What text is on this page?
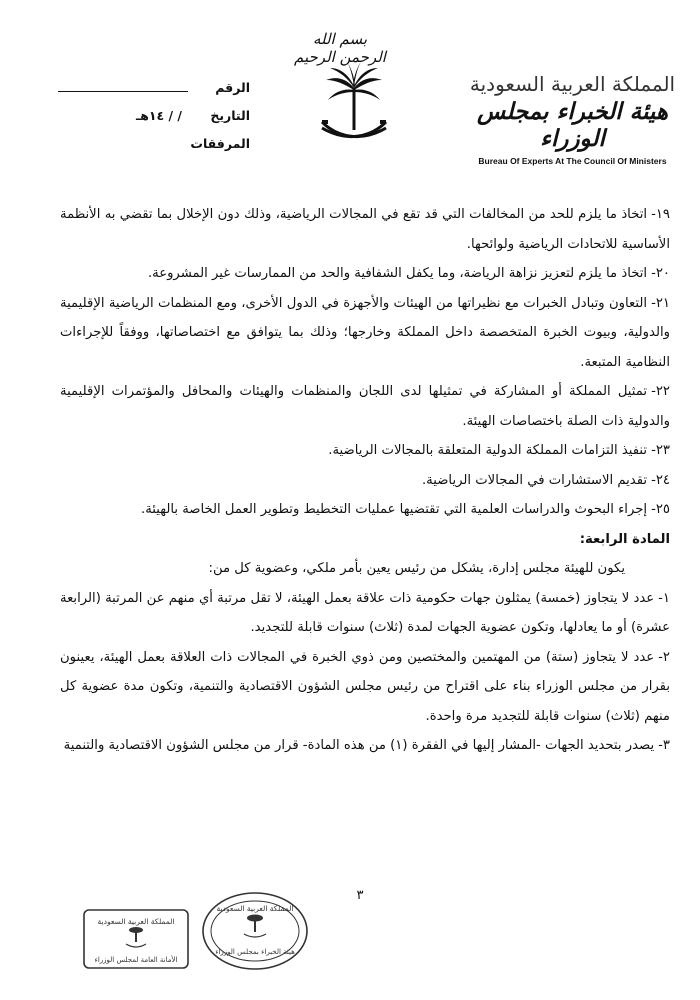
بسم الله الرحمن الرحيم
الرقم
التاريخ
/ / ١٤هـ
المرفقات
المملكة العربية السعودية
هيئة الخبراء بمجلس الوزراء
Bureau Of Experts At The Council Of Ministers

١٩-اتخاذ ما يلزم للحد من المخالفات التي قد تقع في المجالات الرياضية، وذلك دون الإخلال بما تقضي به الأنظمة الأساسية للاتحادات الرياضية ولوائحها.

٢٠-اتخاذ ما يلزم لتعزيز نزاهة الرياضة، وما يكفل الشفافية والحد من الممارسات غير المشروعة.

٢١-التعاون وتبادل الخبرات مع نظيراتها من الهيئات والأجهزة في الدول الأخرى، ومع المنظمات الرياضية الإقليمية والدولية، وبيوت الخبرة المتخصصة داخل المملكة وخارجها؛ وذلك بما يتوافق مع اختصاصاتها، ووفقاً للإجراءات النظامية المتبعة.

٢٢-تمثيل المملكة أو المشاركة في تمثيلها لدى اللجان والمنظمات والهيئات والمحافل والمؤتمرات الإقليمية والدولية ذات الصلة باختصاصات الهيئة.

٢٣-تنفيذ التزامات المملكة الدولية المتعلقة بالمجالات الرياضية.

٢٤-تقديم الاستشارات في المجالات الرياضية.

٢٥-إجراء البحوث والدراسات العلمية التي تقتضيها عمليات التخطيط وتطوير العمل الخاصة بالهيئة.

المادة الرابعة:

يكون للهيئة مجلس إدارة، يشكل من رئيس يعين بأمر ملكي، وعضوية كل من:

١-عدد لا يتجاوز (خمسة) يمثلون جهات حكومية ذات علاقة بعمل الهيئة، لا تقل مرتبة أي منهم عن المرتبة (الرابعة عشرة) أو ما يعادلها، وتكون عضوية الجهات لمدة (ثلاث) سنوات قابلة للتجديد.

٢-عدد لا يتجاوز (ستة) من المهتمين والمختصين ومن ذوي الخبرة في المجالات ذات العلاقة بعمل الهيئة، يعينون بقرار من مجلس الوزراء بناء على اقتراح من رئيس مجلس الشؤون الاقتصادية والتنمية، وتكون مدة عضوية كل منهم (ثلاث) سنوات قابلة للتجديد مرة واحدة.

٣-يصدر بتحديد الجهات -المشار إليها في الفقرة (١) من هذه المادة- قرار من مجلس الشؤون الاقتصادية والتنمية

٣
المملكة العربية السعودية
الأمانة العامة لمجلس الوزراء
المملكة العربية السعودية
هيئة الخبراء بمجلس الوزراء
